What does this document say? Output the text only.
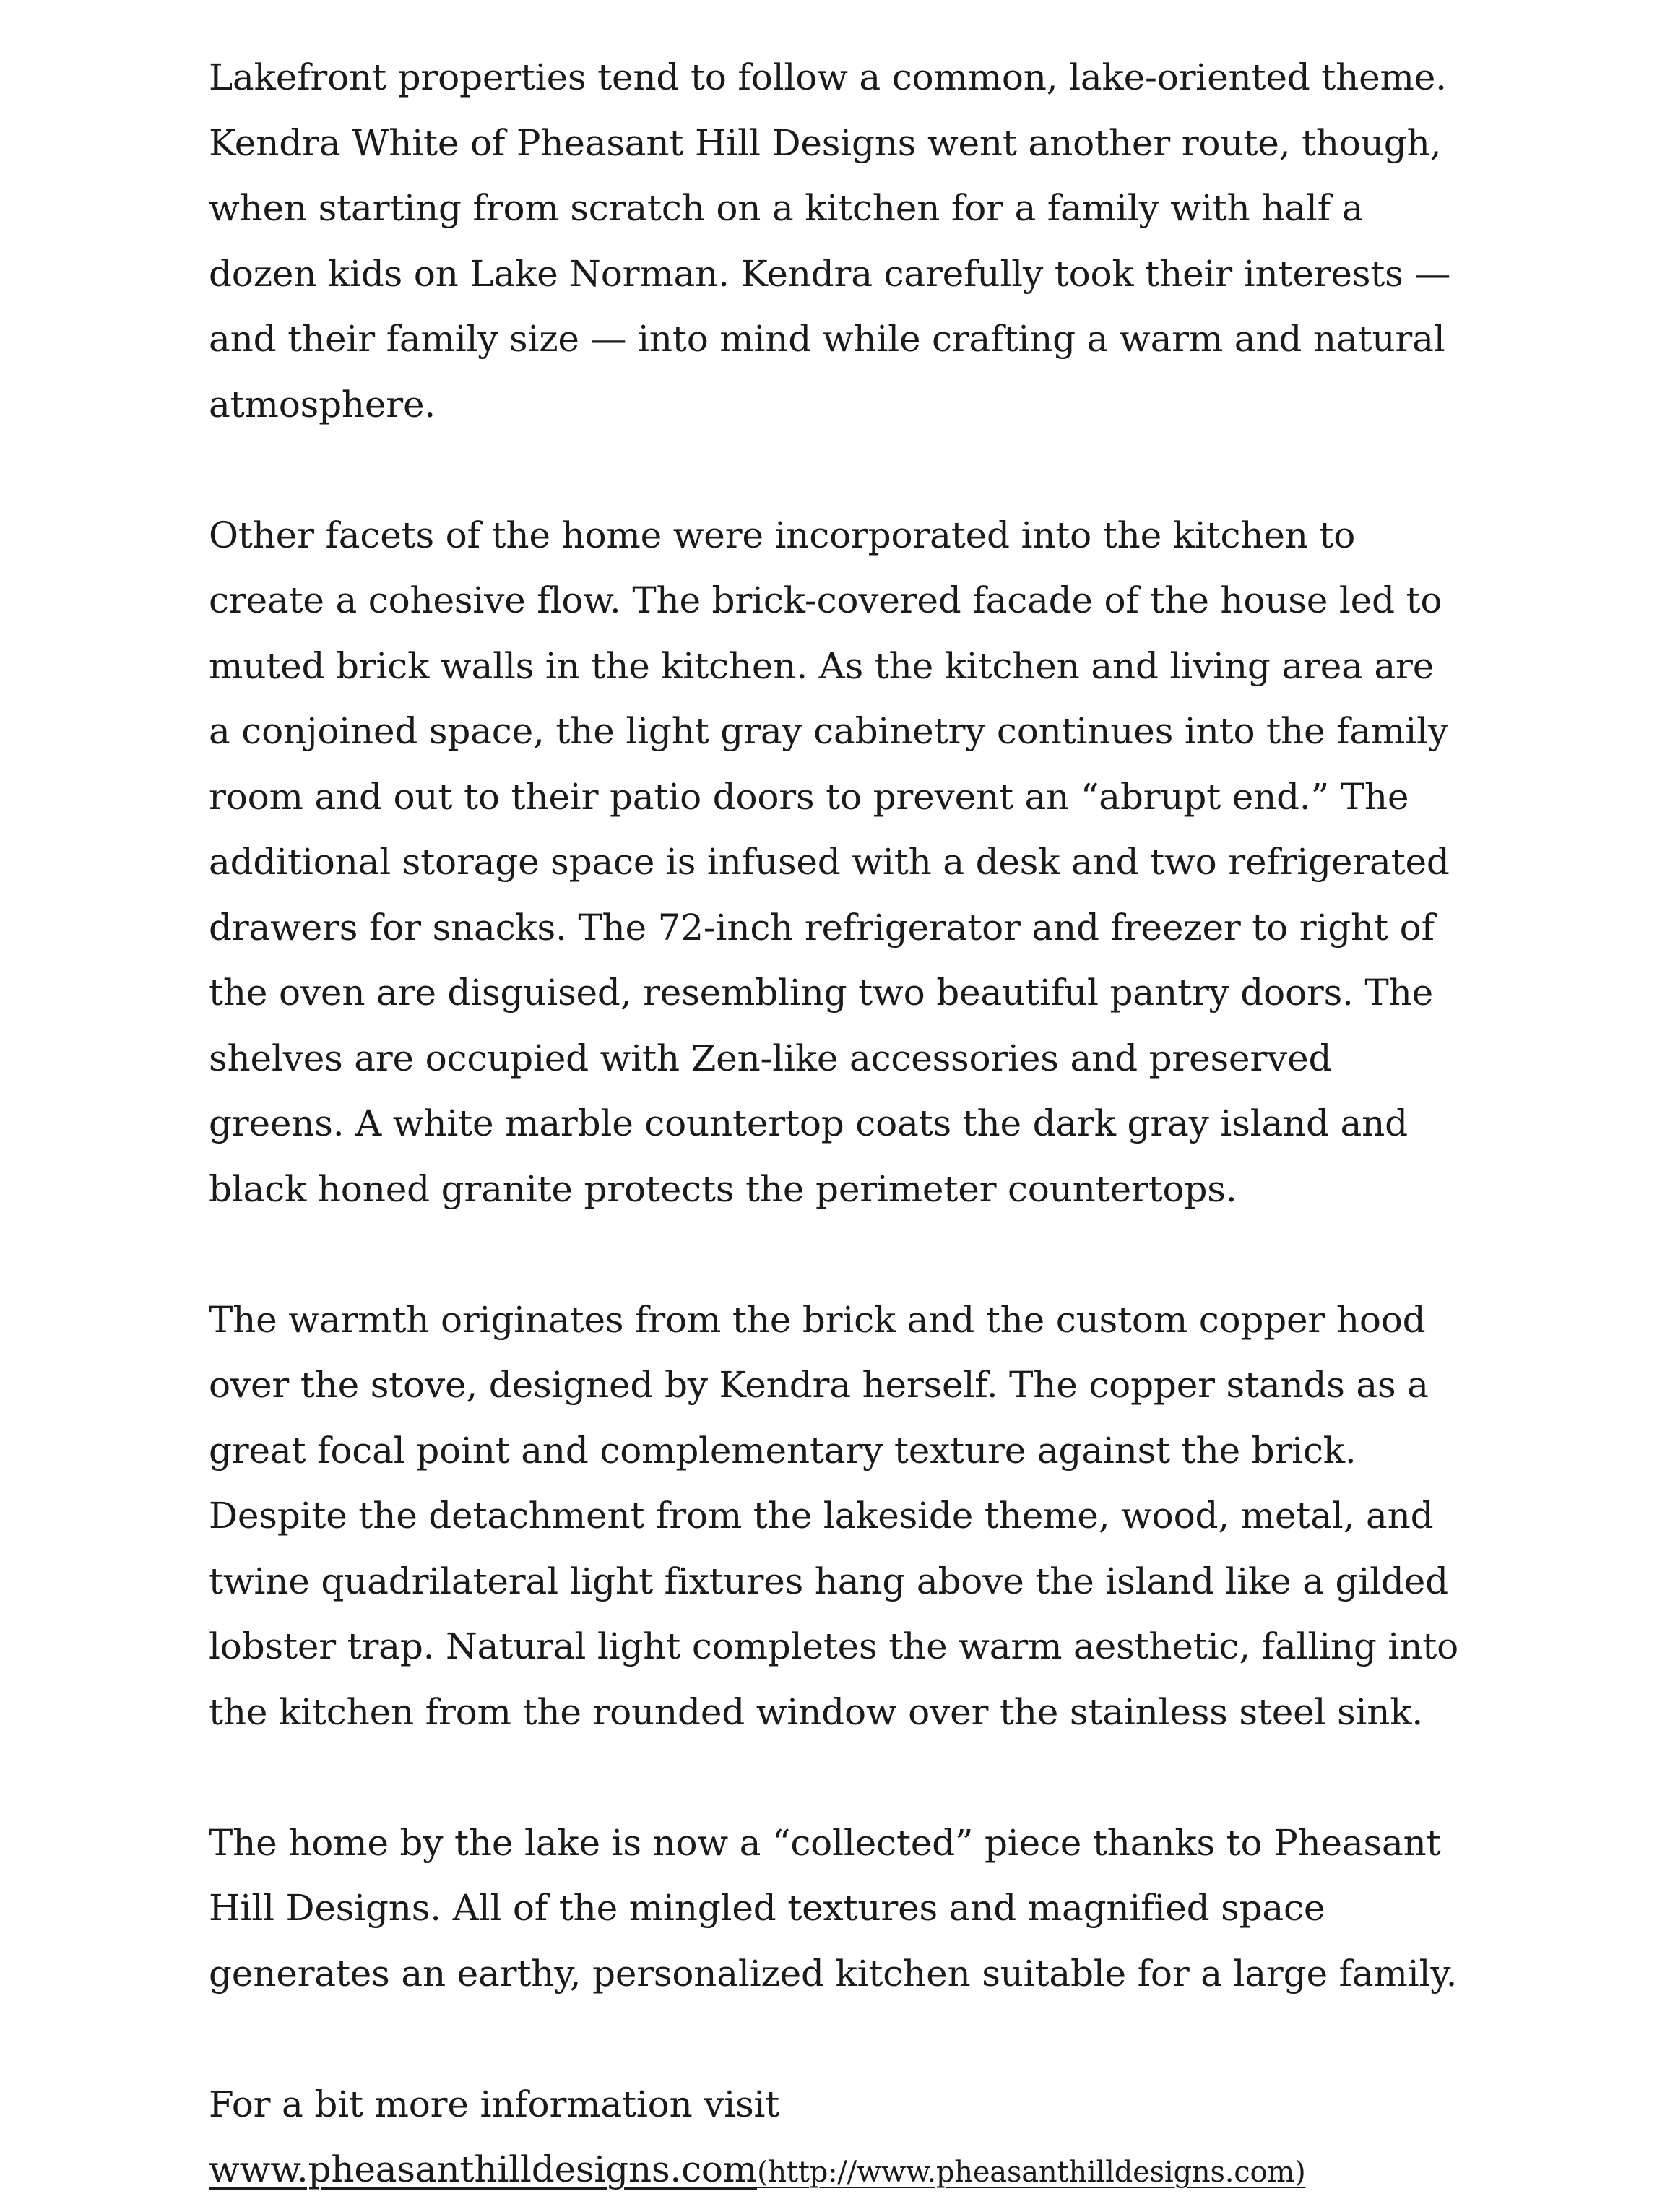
Lakefront properties tend to follow a common, lake-oriented theme. Kendra White of Pheasant Hill Designs went another route, though, when starting from scratch on a kitchen for a family with half a dozen kids on Lake Norman. Kendra carefully took their interests — and their family size — into mind while crafting a warm and natural atmosphere.

Other facets of the home were incorporated into the kitchen to create a cohesive flow. The brick-covered facade of the house led to muted brick walls in the kitchen. As the kitchen and living area are a conjoined space, the light gray cabinetry continues into the family room and out to their patio doors to prevent an “abrupt end.” The additional storage space is infused with a desk and two refrigerated drawers for snacks. The 72-inch refrigerator and freezer to right of the oven are disguised, resembling two beautiful pantry doors. The shelves are occupied with Zen-like accessories and preserved greens. A white marble countertop coats the dark gray island and black honed granite protects the perimeter countertops.

The warmth originates from the brick and the custom copper hood over the stove, designed by Kendra herself. The copper stands as a great focal point and complementary texture against the brick. Despite the detachment from the lakeside theme, wood, metal, and twine quadrilateral light fixtures hang above the island like a gilded lobster trap. Natural light completes the warm aesthetic, falling into the kitchen from the rounded window over the stainless steel sink.

The home by the lake is now a “collected” piece thanks to Pheasant Hill Designs. All of the mingled textures and magnified space generates an earthy, personalized kitchen suitable for a large family.

For a bit more information visit
www.pheasanthilldesigns.com(http://www.pheasanthilldesigns.com)
